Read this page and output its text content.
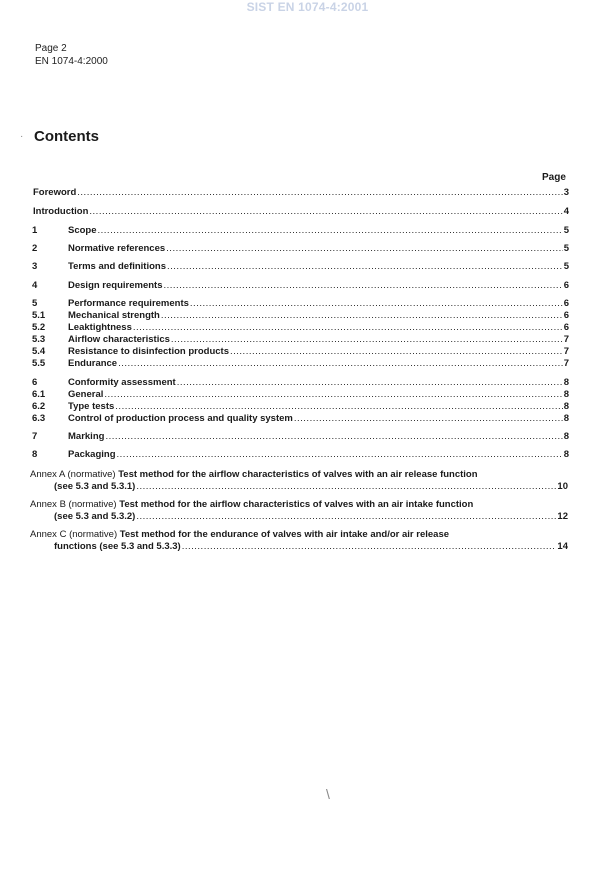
SIST EN 1074-4:2001
Page 2
EN 1074-4:2000
Contents
Page
Foreword .....	3
Introduction .....	4
1	Scope .....	5
2	Normative references .....	5
3	Terms and definitions .....	5
4	Design requirements .....	6
5	Performance requirements .....	6
5.1	Mechanical strength .....	6
5.2	Leaktightness .....	6
5.3	Airflow characteristics .....	7
5.4	Resistance to disinfection products .....	7
5.5	Endurance .....	7
6	Conformity assessment .....	8
6.1	General .....	8
6.2	Type tests .....	8
6.3	Control of production process and quality system .....	8
7	Marking .....	8
8	Packaging .....	8
Annex A (normative) Test method for the airflow characteristics of valves with an air release function
(see 5.3 and 5.3.1) .....	10
Annex B (normative) Test method for the airflow characteristics of valves with an air intake function
(see 5.3 and 5.3.2) .....	12
Annex C (normative) Test method for the endurance of valves with air intake and/or air release
functions (see 5.3 and 5.3.3) .....	14
·
\
